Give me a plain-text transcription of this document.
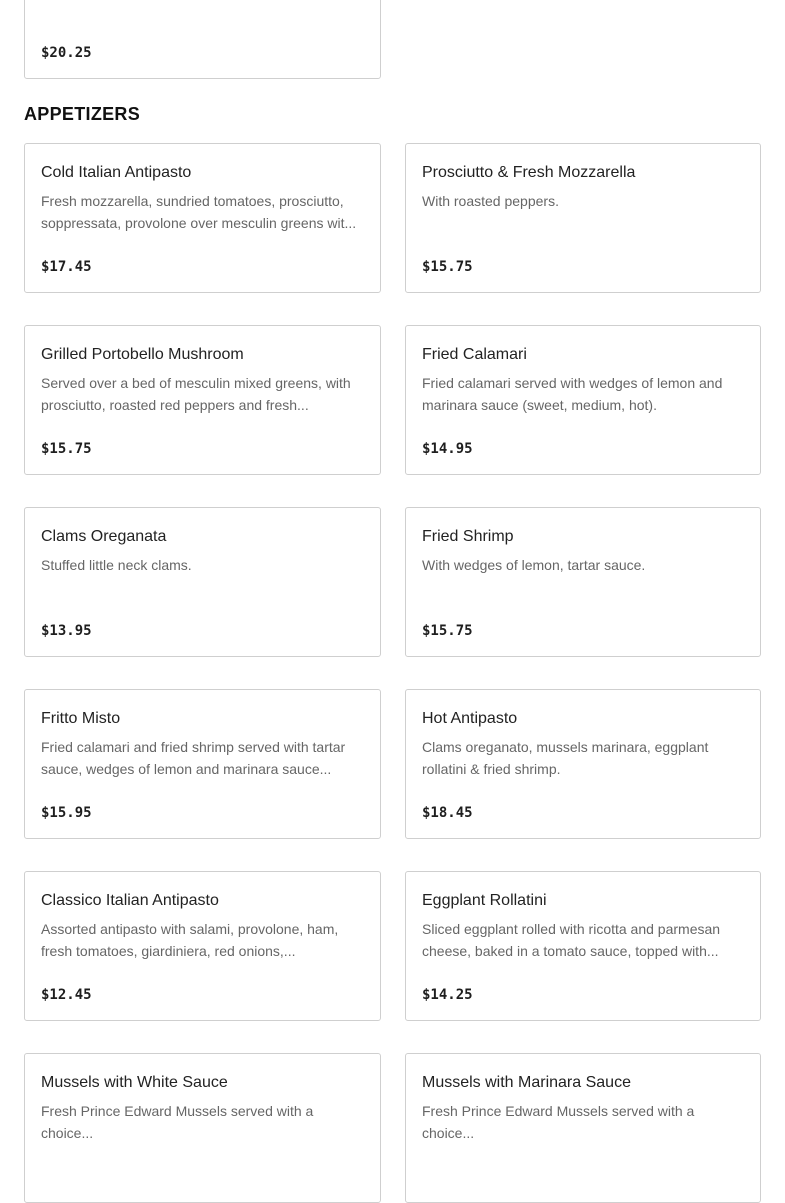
$20.25
APPETIZERS
Cold Italian Antipasto
Fresh mozzarella, sundried tomatoes, prosciutto, soppressata, provolone over mesculin greens wit...
$17.45
Prosciutto & Fresh Mozzarella
With roasted peppers.
$15.75
Grilled Portobello Mushroom
Served over a bed of mesculin mixed greens, with prosciutto, roasted red peppers and fresh...
$15.75
Fried Calamari
Fried calamari served with wedges of lemon and marinara sauce (sweet, medium, hot).
$14.95
Clams Oreganata
Stuffed little neck clams.
$13.95
Fried Shrimp
With wedges of lemon, tartar sauce.
$15.75
Fritto Misto
Fried calamari and fried shrimp served with tartar sauce, wedges of lemon and marinara sauce...
$15.95
Hot Antipasto
Clams oreganato, mussels marinara, eggplant rollatini & fried shrimp.
$18.45
Classico Italian Antipasto
Assorted antipasto with salami, provolone, ham, fresh tomatoes, giardiniera, red onions,...
$12.45
Eggplant Rollatini
Sliced eggplant rolled with ricotta and parmesan cheese, baked in a tomato sauce, topped with...
$14.25
Mussels with White Sauce
Fresh Prince Edward Mussels served with a choice...
Mussels with Marinara Sauce
Fresh Prince Edward Mussels served with a choice...
